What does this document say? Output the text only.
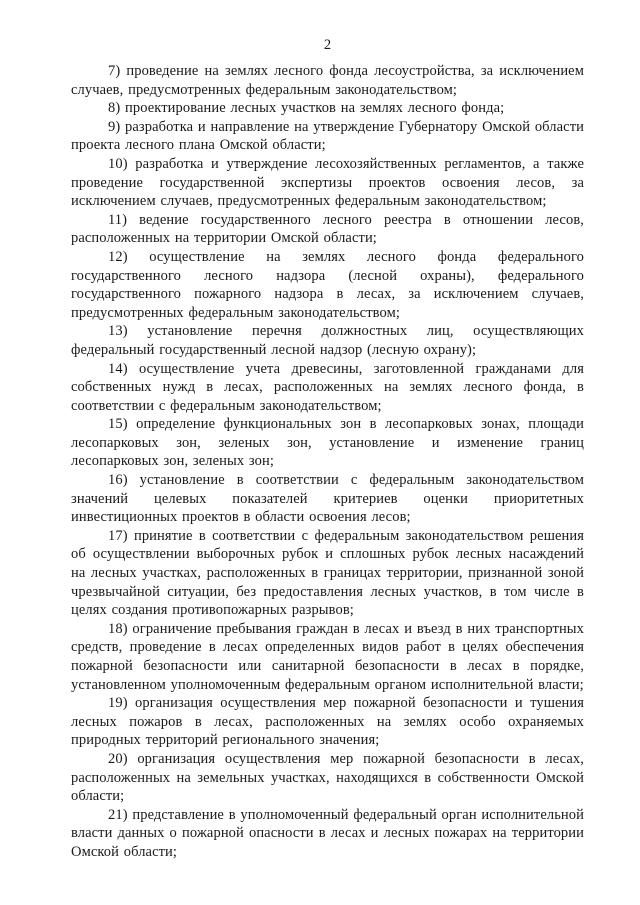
2

7) проведение на землях лесного фонда лесоустройства, за исключением случаев, предусмотренных федеральным законодательством;

8) проектирование лесных участков на землях лесного фонда;

9) разработка и направление на утверждение Губернатору Омской области проекта лесного плана Омской области;

10) разработка и утверждение лесохозяйственных регламентов, а также проведение государственной экспертизы проектов освоения лесов, за исключением случаев, предусмотренных федеральным законодательством;

11) ведение государственного лесного реестра в отношении лесов, расположенных на территории Омской области;

12) осуществление на землях лесного фонда федерального государственного лесного надзора (лесной охраны), федерального государственного пожарного надзора в лесах, за исключением случаев, предусмотренных федеральным законодательством;

13) установление перечня должностных лиц, осуществляющих федеральный государственный лесной надзор (лесную охрану);

14) осуществление учета древесины, заготовленной гражданами для собственных нужд в лесах, расположенных на землях лесного фонда, в соответствии с федеральным законодательством;

15) определение функциональных зон в лесопарковых зонах, площади лесопарковых зон, зеленых зон, установление и изменение границ лесопарковых зон, зеленых зон;

16) установление в соответствии с федеральным законодательством значений целевых показателей критериев оценки приоритетных инвестиционных проектов в области освоения лесов;

17) принятие в соответствии с федеральным законодательством решения об осуществлении выборочных рубок и сплошных рубок лесных насаждений на лесных участках, расположенных в границах территории, признанной зоной чрезвычайной ситуации, без предоставления лесных участков, в том числе в целях создания противопожарных разрывов;

18) ограничение пребывания граждан в лесах и въезд в них транспортных средств, проведение в лесах определенных видов работ в целях обеспечения пожарной безопасности или санитарной безопасности в лесах в порядке, установленном уполномоченным федеральным органом исполнительной власти;

19) организация осуществления мер пожарной безопасности и тушения лесных пожаров в лесах, расположенных на землях особо охраняемых природных территорий регионального значения;

20) организация осуществления мер пожарной безопасности в лесах, расположенных на земельных участках, находящихся в собственности Омской области;

21) представление в уполномоченный федеральный орган исполнительной власти данных о пожарной опасности в лесах и лесных пожарах на территории Омской области;
